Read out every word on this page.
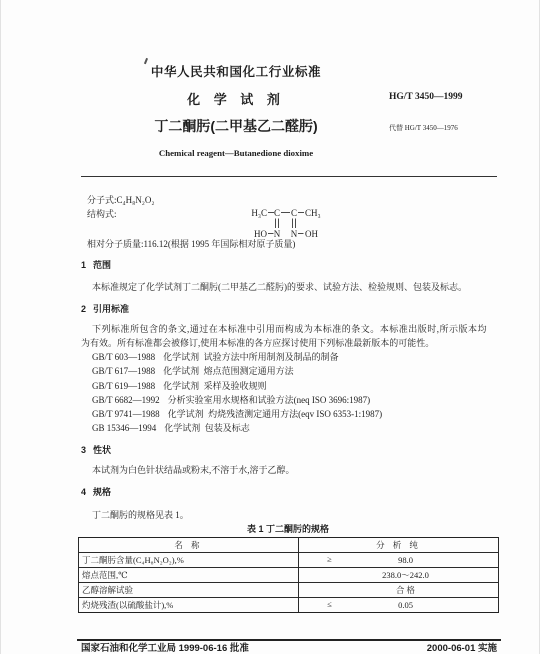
中华人民共和国化工行业标准
化 学 试 剂
丁二酮肟(二甲基乙二醛肟)
Chemical reagent—Butanedione dioxime
HG/T 3450—1999
代替 HG/T 3450—1976
分子式:C₄H₈N₂O₂
结构式:	H₃C C C CH₃
HO N N OH
相对分子质量:116.12(根据 1995 年国际相对原子质量)
1 范围
本标准规定了化学试剂丁二酮肟(二甲基乙二醛肟)的要求、试验方法、检验规则、包装及标志。
2 引用标准
下列标准所包含的条文,通过在本标准中引用而构成为本标准的条文。本标准出版时,所示版本均
为有效。所有标准都会被修订,使用本标准的各方应探讨使用下列标准最新版本的可能性。
GB/T 603—1988 化学试剂  试验方法中所用制剂及制品的制备
GB/T 617—1988 化学试剂  熔点范围测定通用方法
GB/T 619—1988 化学试剂  采样及验收规则
GB/T 6682—1992 分析实验室用水规格和试验方法(neq ISO 3696:1987)
GB/T 9741—1988 化学试剂  灼烧残渣测定通用方法(eqv ISO 6353-1:1987)
GB 15346—1994 化学试剂  包装及标志
3 性状
本试剂为白色针状结晶或粉末,不溶于水,溶于乙醇。
4 规格
丁二酮肟的规格见表 1。
表 1 丁二酮肟的规格
名 称	分 析 纯
丁二酮肟含量(C₄H₈N₂O₂),%	≥ 98.0
熔点范围,℃	238.0～242.0
乙醇溶解试验	合 格
灼烧残渣(以硫酸盐计),%	≤ 0.05
国家石油和化学工业局 1999-06-16 批准	2000-06-01 实施
